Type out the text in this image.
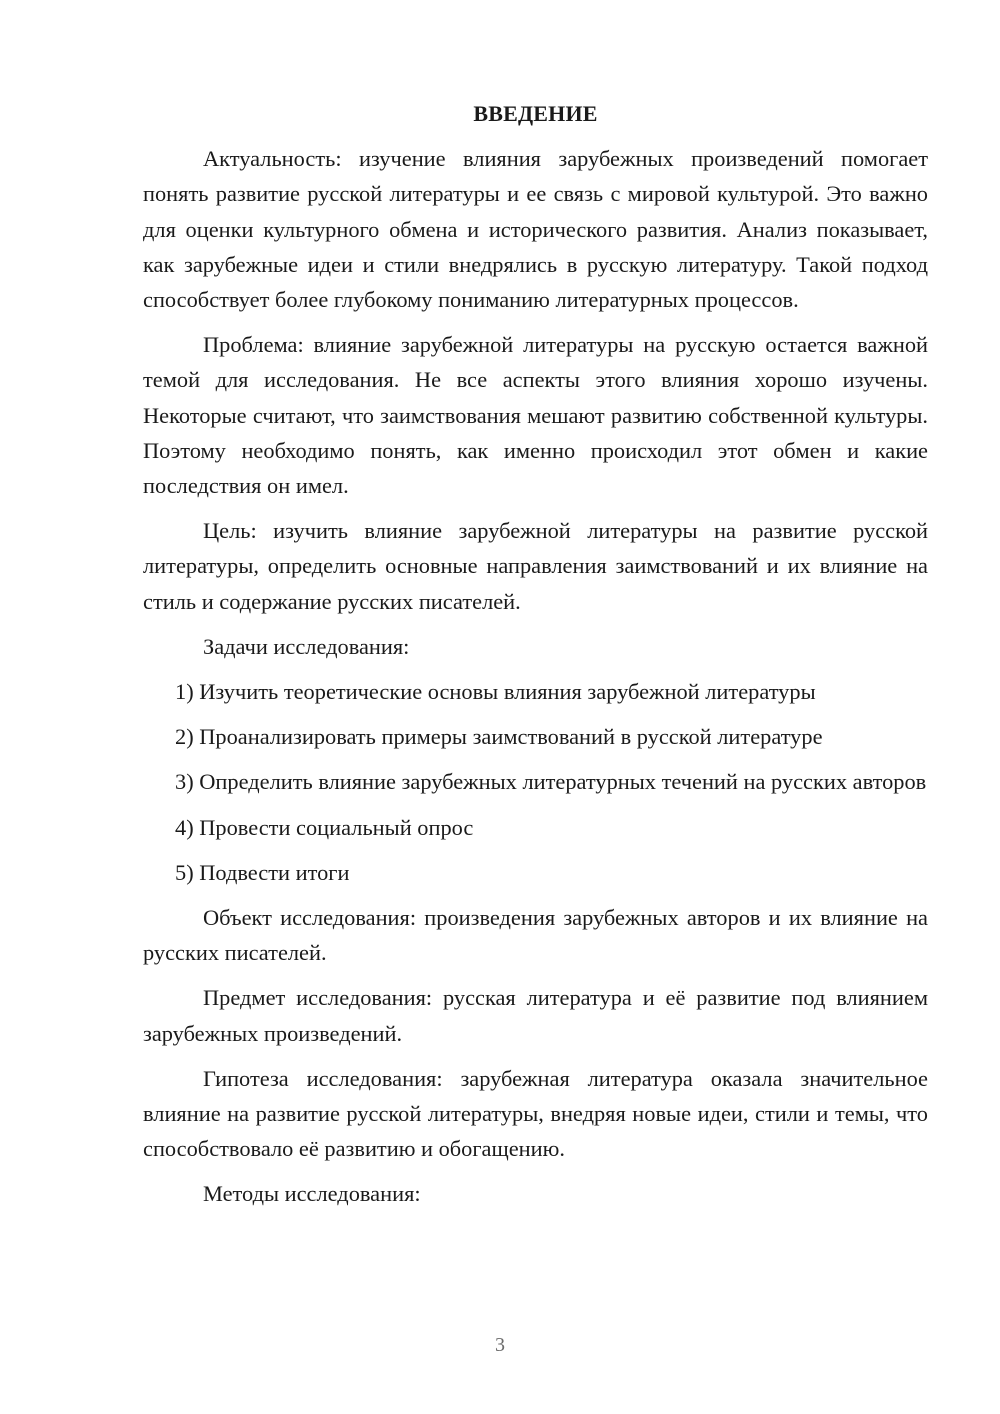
ВВЕДЕНИЕ

Актуальность: изучение влияния зарубежных произведений помогает понять развитие русской литературы и ее связь с мировой культурой. Это важно для оценки культурного обмена и исторического развития. Анализ показывает, как зарубежные идеи и стили внедрялись в русскую литературу. Такой подход способствует более глубокому пониманию литературных процессов.

Проблема: влияние зарубежной литературы на русскую остается важной темой для исследования. Не все аспекты этого влияния хорошо изучены. Некоторые считают, что заимствования мешают развитию собственной культуры. Поэтому необходимо понять, как именно происходил этот обмен и какие последствия он имел.

Цель: изучить влияние зарубежной литературы на развитие русской литературы, определить основные направления заимствований и их влияние на стиль и содержание русских писателей.

Задачи исследования:

1) Изучить теоретические основы влияния зарубежной литературы

2) Проанализировать примеры заимствований в русской литературе

3) Определить влияние зарубежных литературных течений на русских авторов

4) Провести социальный опрос

5) Подвести итоги

Объект исследования: произведения зарубежных авторов и их влияние на русских писателей.

Предмет исследования: русская литература и её развитие под влиянием зарубежных произведений.

Гипотеза исследования: зарубежная литература оказала значительное влияние на развитие русской литературы, внедряя новые идеи, стили и темы, что способствовало её развитию и обогащению.

Методы исследования:

3
